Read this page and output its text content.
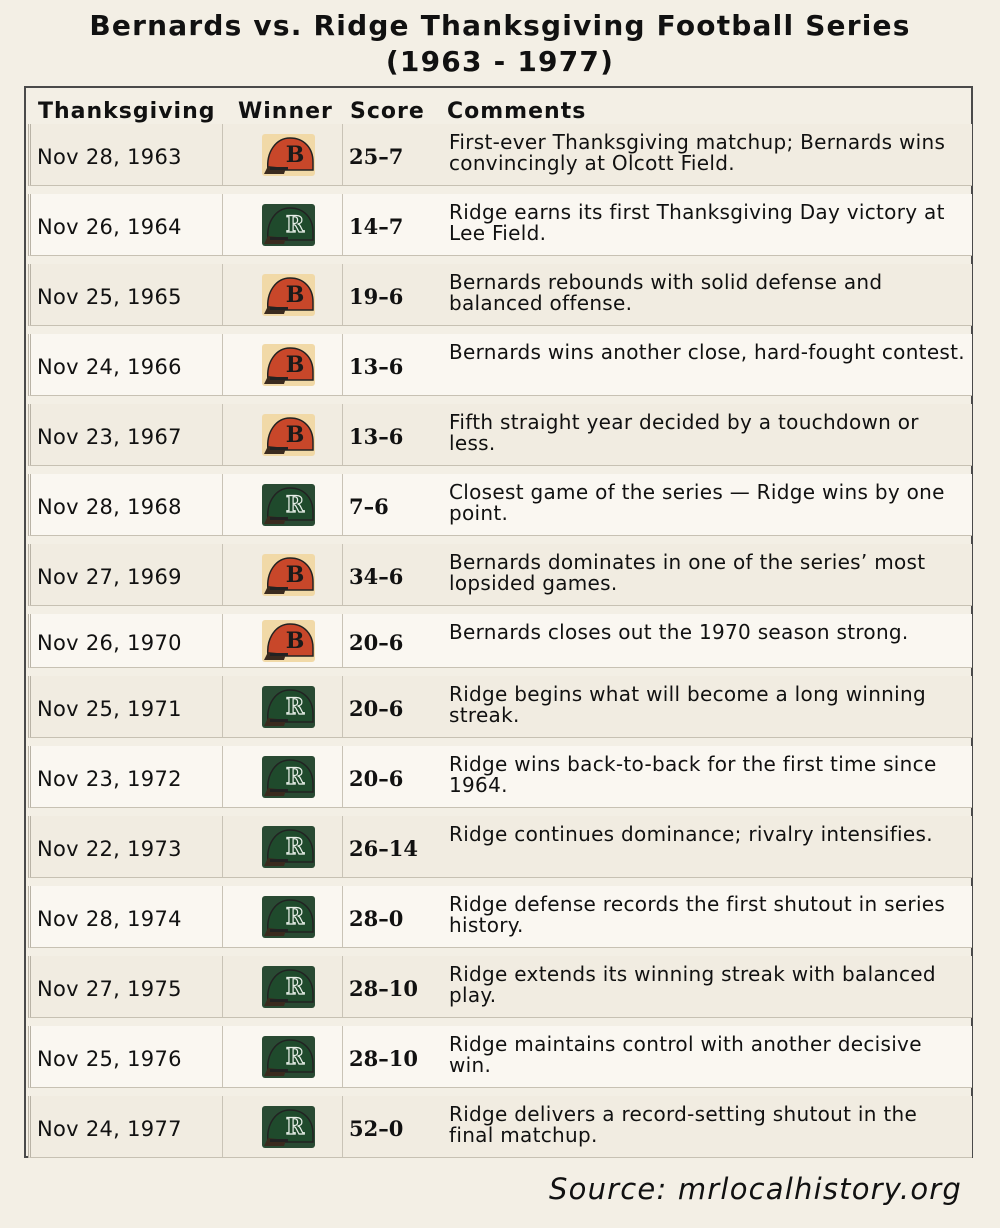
Bernards vs. Ridge Thanksgiving Football Series
(1963 - 1977)
Thanksgiving Winner Score Comments
Nov 28, 1963	B 25–7
First-ever Thanksgiving matchup; Bernards wins convincingly at Olcott Field.
Nov 26, 1964	R 14–7
Ridge earns its first Thanksgiving Day victory at Lee Field.
Nov 25, 1965	B 19–6
Bernards rebounds with solid defense and balanced offense.
Nov 24, 1966	B 13–6
Bernards wins another close, hard-fought contest.
Nov 23, 1967	B 13–6
Fifth straight year decided by a touchdown or less.
Nov 28, 1968	R 7–6
Closest game of the series — Ridge wins by one point.
Nov 27, 1969	B 34–6
Bernards dominates in one of the series’ most lopsided games.
Nov 26, 1970	B 20–6 Bernards closes out the 1970 season strong.
Nov 25, 1971	R 20–6
Ridge begins what will become a long winning streak.
Nov 23, 1972	R 20–6
Ridge wins back-to-back for the first time since 1964.
Nov 22, 1973	R 26–14
Ridge continues dominance; rivalry intensifies.
Nov 28, 1974	R 28–0
Ridge defense records the first shutout in series history.
Nov 27, 1975	R 28–10
Ridge extends its winning streak with balanced play.
Nov 25, 1976	R 28–10
Ridge maintains control with another decisive win.
Nov 24, 1977	R 52–0
Ridge delivers a record-setting shutout in the final matchup.
Source: mrlocalhistory.org
